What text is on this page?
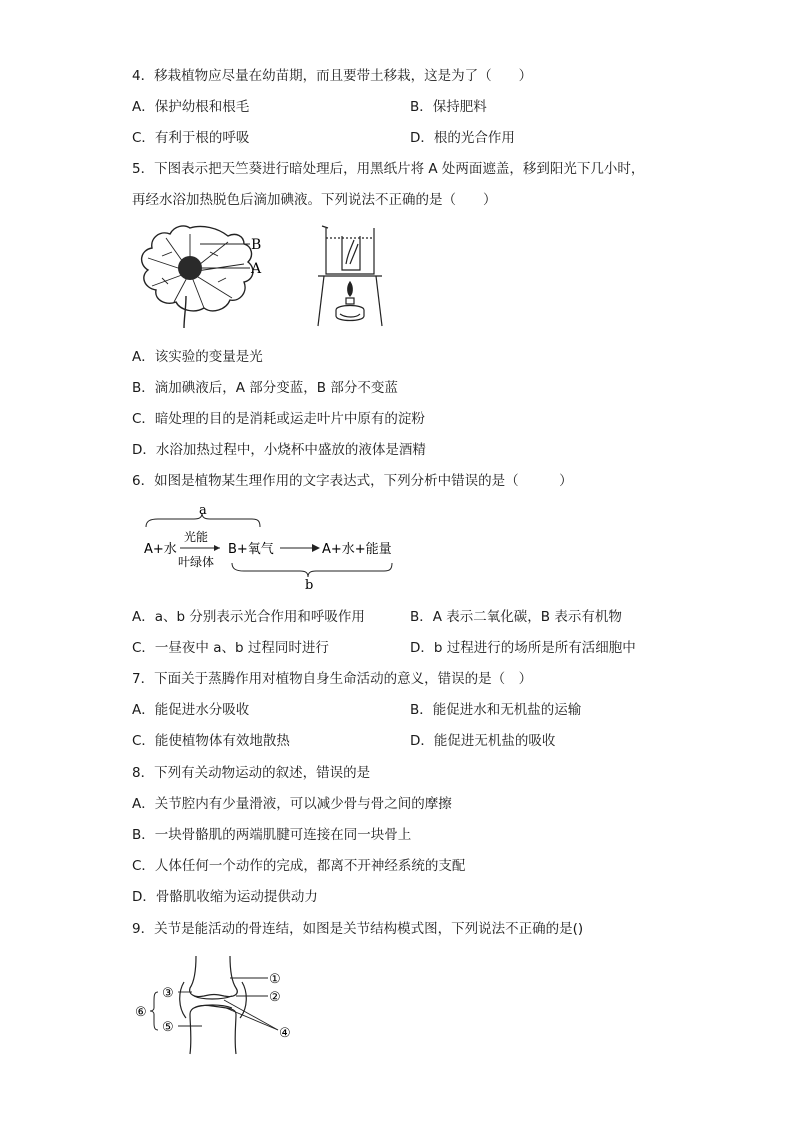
4．移栽植物应尽量在幼苗期，而且要带土移栽，这是为了（　　）
A．保护幼根和根毛	B．保持肥料
C．有利于根的呼吸	D．根的光合作用
5．下图表示把天竺葵进行暗处理后，用黑纸片将 A 处两面遮盖，移到阳光下几小时，
再经水浴加热脱色后滴加碘液。下列说法不正确的是（　　）
B
A
A．该实验的变量是光
B．滴加碘液后，A 部分变蓝，B 部分不变蓝
C．暗处理的目的是消耗或运走叶片中原有的淀粉
D．水浴加热过程中，小烧杯中盛放的液体是酒精
6．如图是植物某生理作用的文字表达式，下列分析中错误的是（　　　）
a
A+水
光能
叶绿体
B+氧气	A+水+能量
b
A．a、b 分别表示光合作用和呼吸作用	B．A 表示二氧化碳，B 表示有机物
C．一昼夜中 a、b 过程同时进行	D．b 过程进行的场所是所有活细胞中
7．下面关于蒸腾作用对植物自身生命活动的意义，错误的是（　）
A．能促进水分吸收	B．能促进水和无机盐的运输
C．能使植物体有效地散热	D．能促进无机盐的吸收
8．下列有关动物运动的叙述，错误的是
A．关节腔内有少量滑液，可以减少骨与骨之间的摩擦
B．一块骨骼肌的两端肌腱可连接在同一块骨上
C．人体任何一个动作的完成，都离不开神经系统的支配
D．骨骼肌收缩为运动提供动力
9．关节是能活动的骨连结，如图是关节结构模式图，下列说法不正确的是()
①
②
③
④
⑤
⑥
